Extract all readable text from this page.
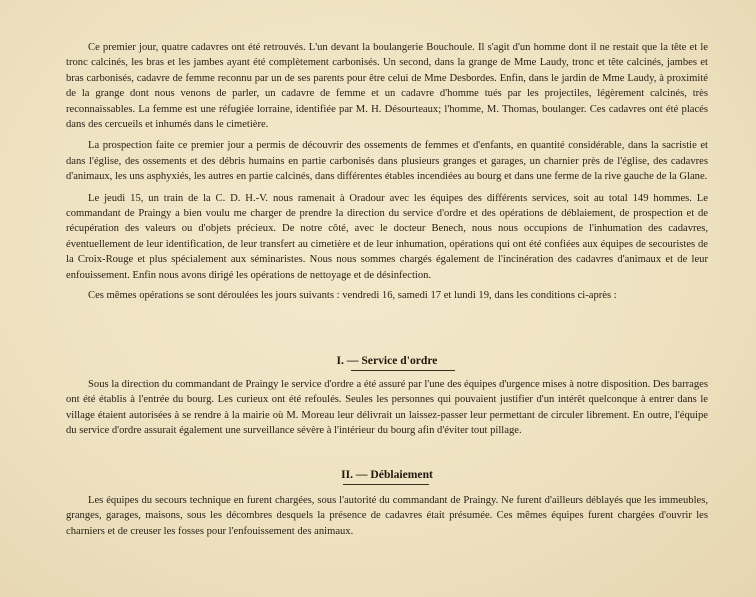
Ce premier jour, quatre cadavres ont été retrouvés. L'un devant la boulangerie Bouchoule. Il s'agit d'un homme dont il ne restait que la tête et le tronc calcinés, les bras et les jambes ayant été complètement carbonisés. Un second, dans la grange de Mme Laudy, tronc et tête calcinés, jambes et bras carbonisés, cadavre de femme reconnu par un de ses parents pour être celui de Mme Desbordes. Enfin, dans le jardin de Mme Laudy, à proximité de la grange dont nous venons de parler, un cadavre de femme et un cadavre d'homme tués par les projectiles, légèrement calcinés, très reconnaissables. La femme est une réfugiée lorraine, identifiée par M. H. Désourteaux; l'homme, M. Thomas, boulanger. Ces cadavres ont été placés dans des cercueils et inhumés dans le cimetière.

La prospection faite ce premier jour a permis de découvrir des ossements de femmes et d'enfants, en quantité considérable, dans la sacristie et dans l'église, des ossements et des débris humains en partie carbonisés dans plusieurs granges et garages, un charnier près de l'église, des cadavres d'animaux, les uns asphyxiés, les autres en partie calcinés, dans différentes étables incendiées au bourg et dans une ferme de la rive gauche de la Glane.

Le jeudi 15, un train de la C. D. H.-V. nous ramenait à Oradour avec les équipes des différents services, soit au total 149 hommes. Le commandant de Praingy a bien voulu me charger de prendre la direction du service d'ordre et des opérations de déblaiement, de prospection et de récupération des valeurs ou d'objets précieux. De notre côté, avec le docteur Benech, nous nous occupions de l'inhumation des cadavres, éventuellement de leur identification, de leur transfert au cimetière et de leur inhumation, opérations qui ont été confiées aux équipes de secouristes de la Croix-Rouge et plus spécialement aux séminaristes. Nous nous sommes chargés également de l'incinération des cadavres d'animaux et de leur enfouissement. Enfin nous avons dirigé les opérations de nettoyage et de désinfection.

Ces mêmes opérations se sont déroulées les jours suivants : vendredi 16, samedi 17 et lundi 19, dans les conditions ci-après :

I. — Service d'ordre

Sous la direction du commandant de Praingy le service d'ordre a été assuré par l'une des équipes d'urgence mises à notre disposition. Des barrages ont été établis à l'entrée du bourg. Les curieux ont été refoulés. Seules les personnes qui pouvaient justifier d'un intérêt quelconque à entrer dans le village étaient autorisées à se rendre à la mairie où M. Moreau leur délivrait un laissez-passer leur permettant de circuler librement. En outre, l'équipe du service d'ordre assurait également une surveillance sévère à l'intérieur du bourg afin d'éviter tout pillage.

II. — Déblaiement

Les équipes du secours technique en furent chargées, sous l'autorité du commandant de Praingy. Ne furent d'ailleurs déblayés que les immeubles, granges, garages, maisons, sous les décombres desquels la présence de cadavres était présumée. Ces mêmes équipes furent chargées d'ouvrir les charniers et de creuser les fosses pour l'enfouissement des animaux.
